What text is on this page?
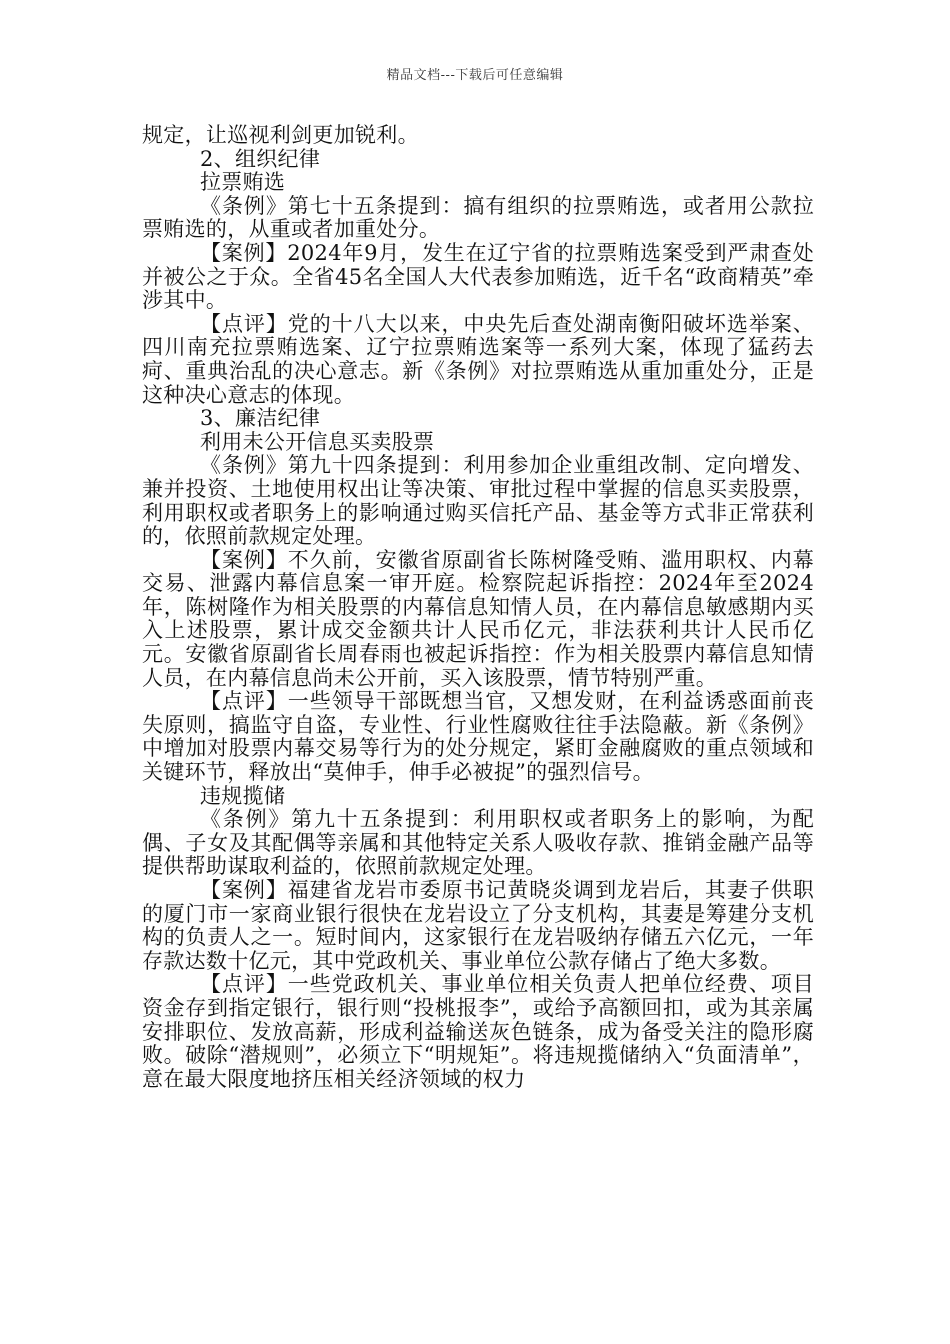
精品文档---下载后可任意编辑

规定，让巡视利剑更加锐利。

2、组织纪律

拉票贿选

《条例》第七十五条提到：搞有组织的拉票贿选，或者用公款拉票贿选的，从重或者加重处分。

【案例】2024年9月，发生在辽宁省的拉票贿选案受到严肃查处并被公之于众。全省45名全国人大代表参加贿选，近千名“政商精英”牵涉其中。

【点评】党的十八大以来，中央先后查处湖南衡阳破坏选举案、四川南充拉票贿选案、辽宁拉票贿选案等一系列大案，体现了猛药去疴、重典治乱的决心意志。新《条例》对拉票贿选从重加重处分，正是这种决心意志的体现。

3、廉洁纪律

利用未公开信息买卖股票

《条例》第九十四条提到：利用参加企业重组改制、定向增发、兼并投资、土地使用权出让等决策、审批过程中掌握的信息买卖股票，利用职权或者职务上的影响通过购买信托产品、基金等方式非正常获利的，依照前款规定处理。

【案例】不久前，安徽省原副省长陈树隆受贿、滥用职权、内幕交易、泄露内幕信息案一审开庭。检察院起诉指控：2024年至2024年，陈树隆作为相关股票的内幕信息知情人员，在内幕信息敏感期内买入上述股票，累计成交金额共计人民币亿元，非法获利共计人民币亿元。安徽省原副省长周春雨也被起诉指控：作为相关股票内幕信息知情人员，在内幕信息尚未公开前，买入该股票，情节特别严重。

【点评】一些领导干部既想当官，又想发财，在利益诱惑面前丧失原则，搞监守自盗，专业性、行业性腐败往往手法隐蔽。新《条例》中增加对股票内幕交易等行为的处分规定，紧盯金融腐败的重点领域和关键环节，释放出“莫伸手，伸手必被捉”的强烈信号。

违规揽储

《条例》第九十五条提到：利用职权或者职务上的影响，为配偶、子女及其配偶等亲属和其他特定关系人吸收存款、推销金融产品等提供帮助谋取利益的，依照前款规定处理。

【案例】福建省龙岩市委原书记黄晓炎调到龙岩后，其妻子供职的厦门市一家商业银行很快在龙岩设立了分支机构，其妻是筹建分支机构的负责人之一。短时间内，这家银行在龙岩吸纳存储五六亿元，一年存款达数十亿元，其中党政机关、事业单位公款存储占了绝大多数。

【点评】一些党政机关、事业单位相关负责人把单位经费、项目资金存到指定银行，银行则“投桃报李”，或给予高额回扣，或为其亲属安排职位、发放高薪，形成利益输送灰色链条，成为备受关注的隐形腐败。破除“潜规则”，必须立下“明规矩”。将违规揽储纳入“负面清单”，意在最大限度地挤压相关经济领域的权力
